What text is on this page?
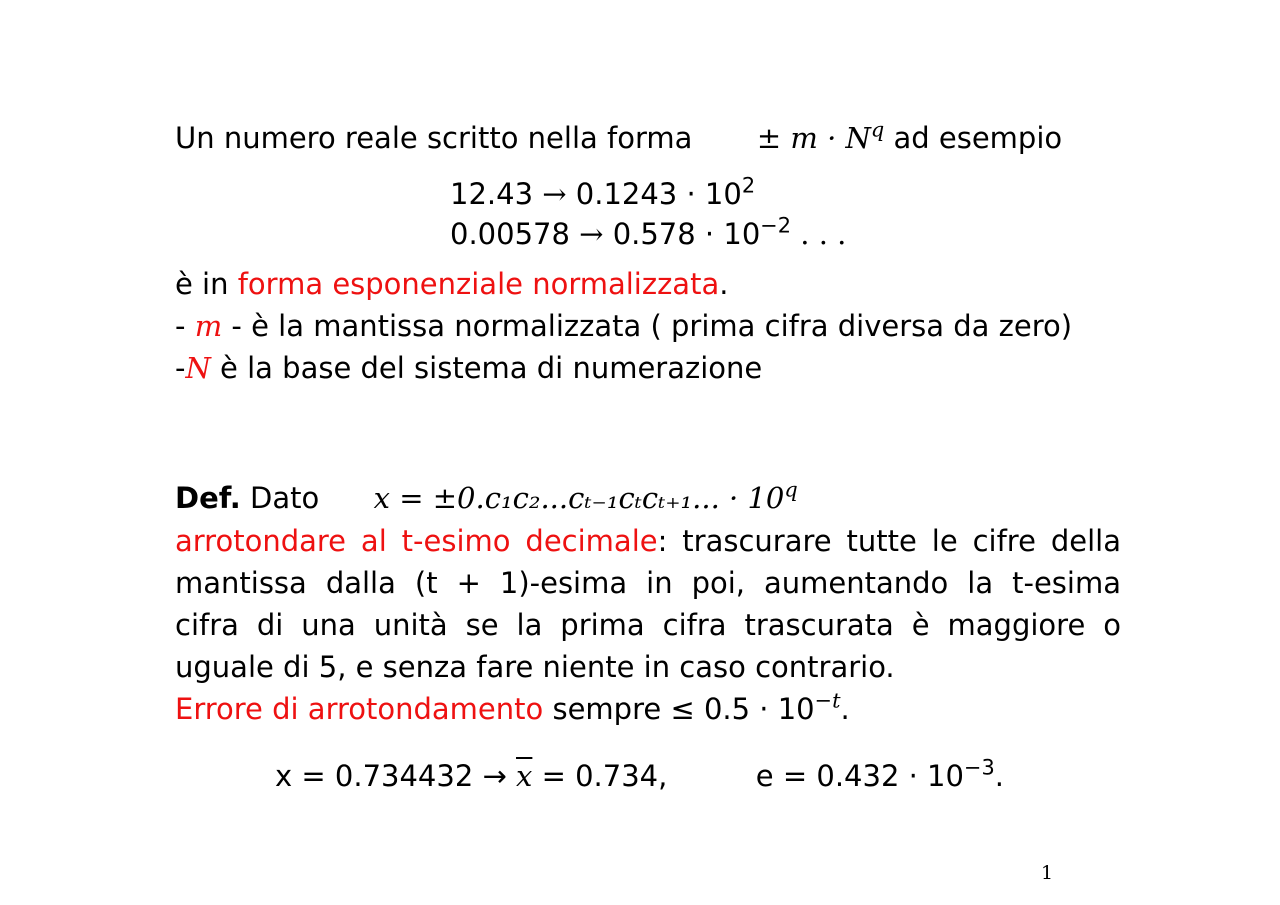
Un numero reale scritto nella forma ± $m \cdot N^q$ ad esempio
$12.43 \to 0.1243 \cdot 10^2$
$0.00578 \to 0.578 \cdot 10^{-2}$ . . .
è in forma esponenziale normalizzata.
- m - è la mantissa normalizzata ( prima cifra diversa da zero)
-N è la base del sistema di numerazione
Def. Dato x = ±0.c₁c₂...cₜ₋₁cₜcₜ₊₁... · $10^q$
arrotondare al t-esimo decimale: trascurare tutte le cifre della
mantissa dalla (t + 1)-esima in poi, aumentando la t-esima
cifra di una unità se la prima cifra trascurata è maggiore o
uguale di 5, e senza fare niente in caso contrario.
Errore di arrotondamento sempre ≤ $0.5 \cdot 10^{-t}$.
$x = 0.734432 \to \overline{x} = 0.734$,	$e = 0.432 \cdot 10^{-3}$.
1
